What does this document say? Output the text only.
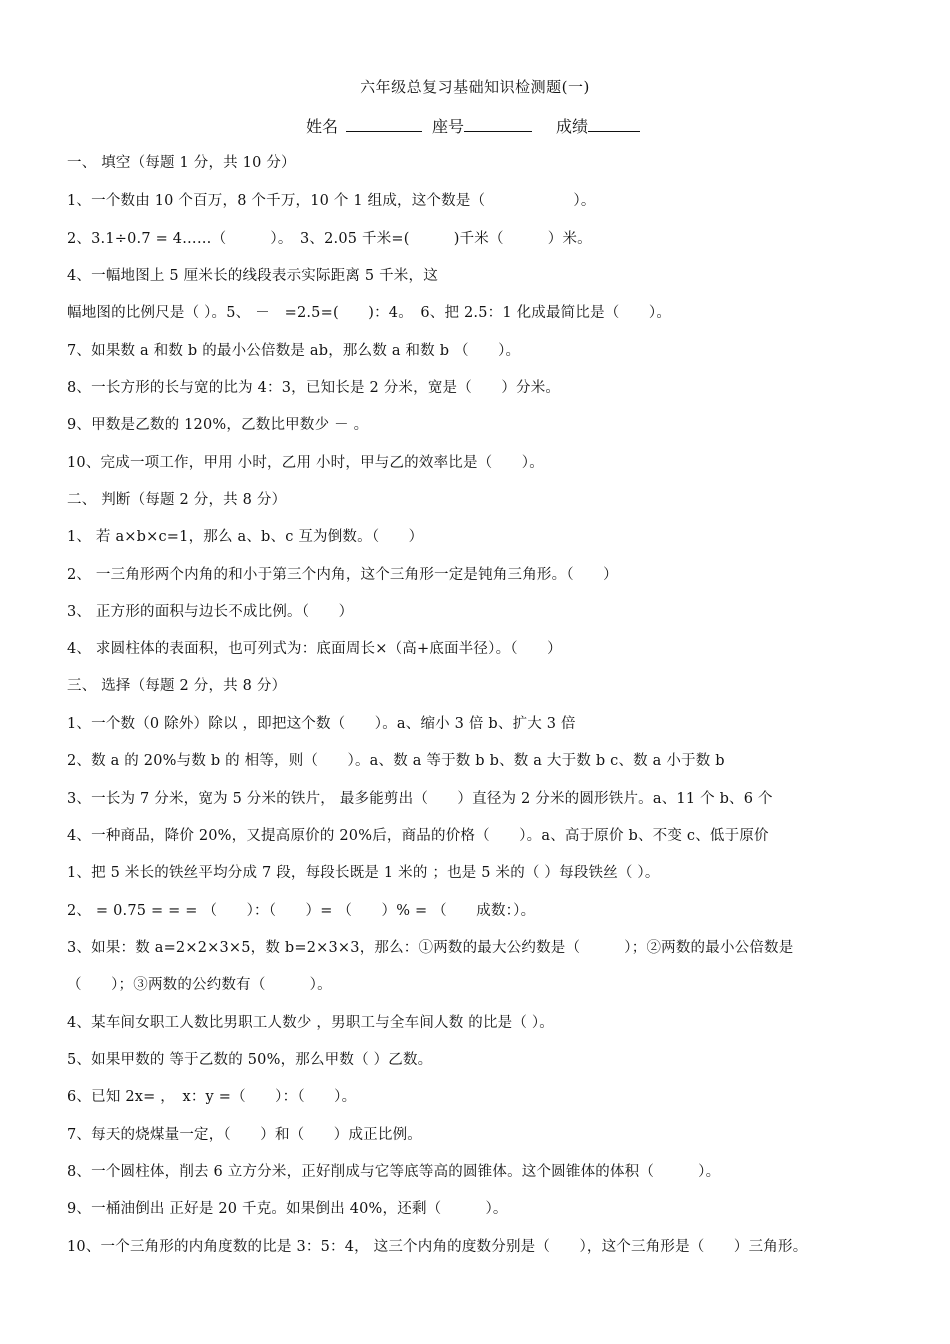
六年级总复习基础知识检测题(一)
姓名	座号	成绩
一、 填空（每题 1 分，共 10 分）
1、一个数由 10 个百万，8 个千万，10 个 1 组成，这个数是（　　　　　　）。
2、3.1÷0.7 = 4……（　　　）。　3、2.05 千米=(　　　)千米（　　　）米。
4、一幅地图上 5 厘米长的线段表示实际距离 5 千米，这
幅地图的比例尺是（ ）。5、 －　=2.5=(　　)：4。　6、把 2.5：1 化成最简比是（　　）。
7、如果数 a 和数 b 的最小公倍数是 ab，那么数 a 和数 b （　　）。
8、一长方形的长与宽的比为 4：3，已知长是 2 分米，宽是（　　）分米。
9、甲数是乙数的 120%，乙数比甲数少 － 。
10、完成一项工作，甲用 小时，乙用 小时，甲与乙的效率比是（　　）。
二、 判断（每题 2 分，共 8 分）
1、 若 a×b×c=1，那么 a、b、c 互为倒数。（　　）
2、 一三角形两个内角的和小于第三个内角，这个三角形一定是钝角三角形。（　　）
3、 正方形的面积与边长不成比例。（　　）
4、 求圆柱体的表面积，也可列式为：底面周长×（高+底面半径）。（　　）
三、 选择（每题 2 分，共 8 分）
1、一个数（0 除外）除以 ，即把这个数（　　）。a、缩小 3 倍 b、扩大 3 倍
2、数 a 的 20%与数 b 的 相等，则（　　）。a、数 a 等于数 b b、数 a 大于数 b c、数 a 小于数 b
3、一长为 7 分米，宽为 5 分米的铁片， 最多能剪出（　　）直径为 2 分米的圆形铁片。a、11 个 b、6 个
4、一种商品，降价 20%，又提高原价的 20%后，商品的价格（　　）。a、高于原价 b、不变 c、低于原价
1、把 5 米长的铁丝平均分成 7 段，每段长既是 1 米的 ；也是 5 米的（ ）每段铁丝（ ）。
2、 = 0.75 = = = （　　）：（　　）= （　　）% = （　　成数：）。
3、如果：数 a=2×2×3×5，数 b=2×3×3，那么：①两数的最大公约数是（　　　）；②两数的最小公倍数是
（　　）；③两数的公约数有（　　　）。
4、某车间女职工人数比男职工人数少 ，男职工与全车间人数 的比是（ ）。
5、如果甲数的 等于乙数的 50%，那么甲数（ ）乙数。
6、已知 2x= ，　x：y =（　　）：（　　）。
7、每天的烧煤量一定，（　　）和（　　）成正比例。
8、一个圆柱体，削去 6 立方分米，正好削成与它等底等高的圆锥体。这个圆锥体的体积（　　　）。
9、一桶油倒出 正好是 20 千克。如果倒出 40%，还剩（　　　）。
10、一个三角形的内角度数的比是 3：5：4， 这三个内角的度数分别是（　　），这个三角形是（　　）三角形。
